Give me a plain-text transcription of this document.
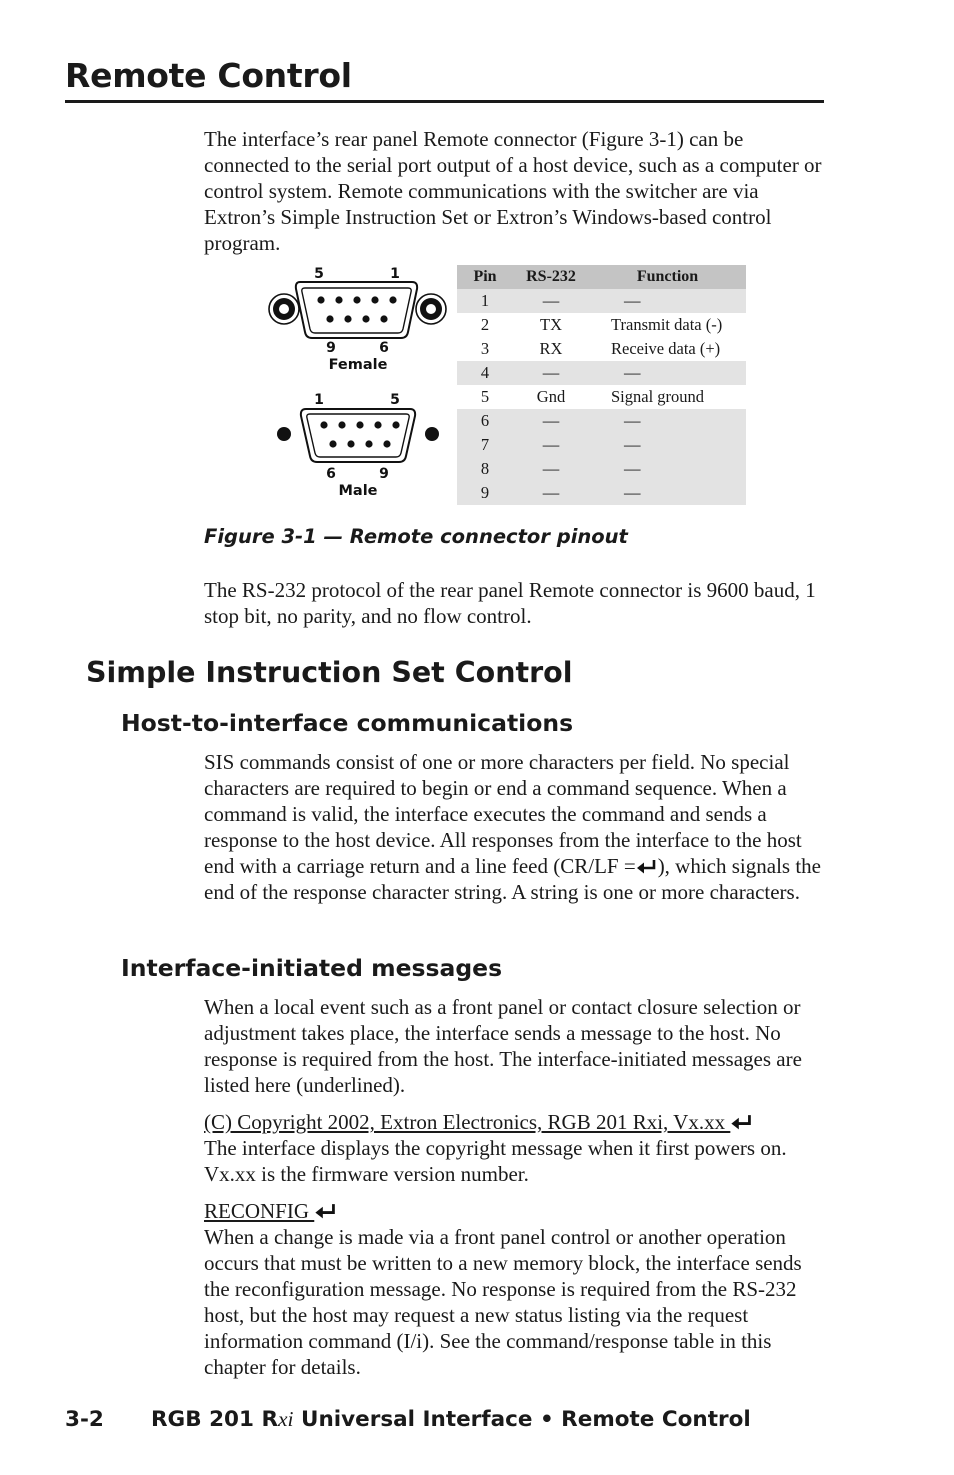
Remote Control

The interface’s rear panel Remote connector (Figure 3-1) can be connected to the serial port output of a host device, such as a computer or control system. Remote communications with the switcher are via Extron’s Simple Instruction Set or Extron’s Windows-based control program.

5	1
9	6
Female
1	5
6	9
Male
Pin	RS-232	Function
1	—	—
2	TX	Transmit data (-)
3	RX	Receive data (+)
4	—	—
5	Gnd	Signal ground
6	—	—
7	—	—
8	—	—
9	—	—

Figure 3-1 — Remote connector pinout

The RS-232 protocol of the rear panel Remote connector is 9600 baud, 1 stop bit, no parity, and no flow control.

Simple Instruction Set Control
Host-to-interface communications

SIS commands consist of one or more characters per field. No special characters are required to begin or end a command sequence. When a command is valid, the interface executes the command and sends a response to the host device. All responses from the interface to the host end with a carriage return and a line feed (CR/LF = ), which signals the end of the response character string. A string is one or more characters.

Interface-initiated messages

When a local event such as a front panel or contact closure selection or adjustment takes place, the interface sends a message to the host. No response is required from the host. The interface-initiated messages are listed here (underlined).

(C) Copyright 2002, Extron Electronics, RGB 201 Rxi, Vx.xx
The interface displays the copyright message when it first powers on. Vx.xx is the firmware version number.
RECONFIG
When a change is made via a front panel control or another operation occurs that must be written to a new memory block, the interface sends the reconfiguration message. No response is required from the RS-232 host, but the host may request a new status listing via the request information command (I/i). See the command/response table in this chapter for details.

3-2 RGB 201 Rxi Universal Interface • Remote Control
